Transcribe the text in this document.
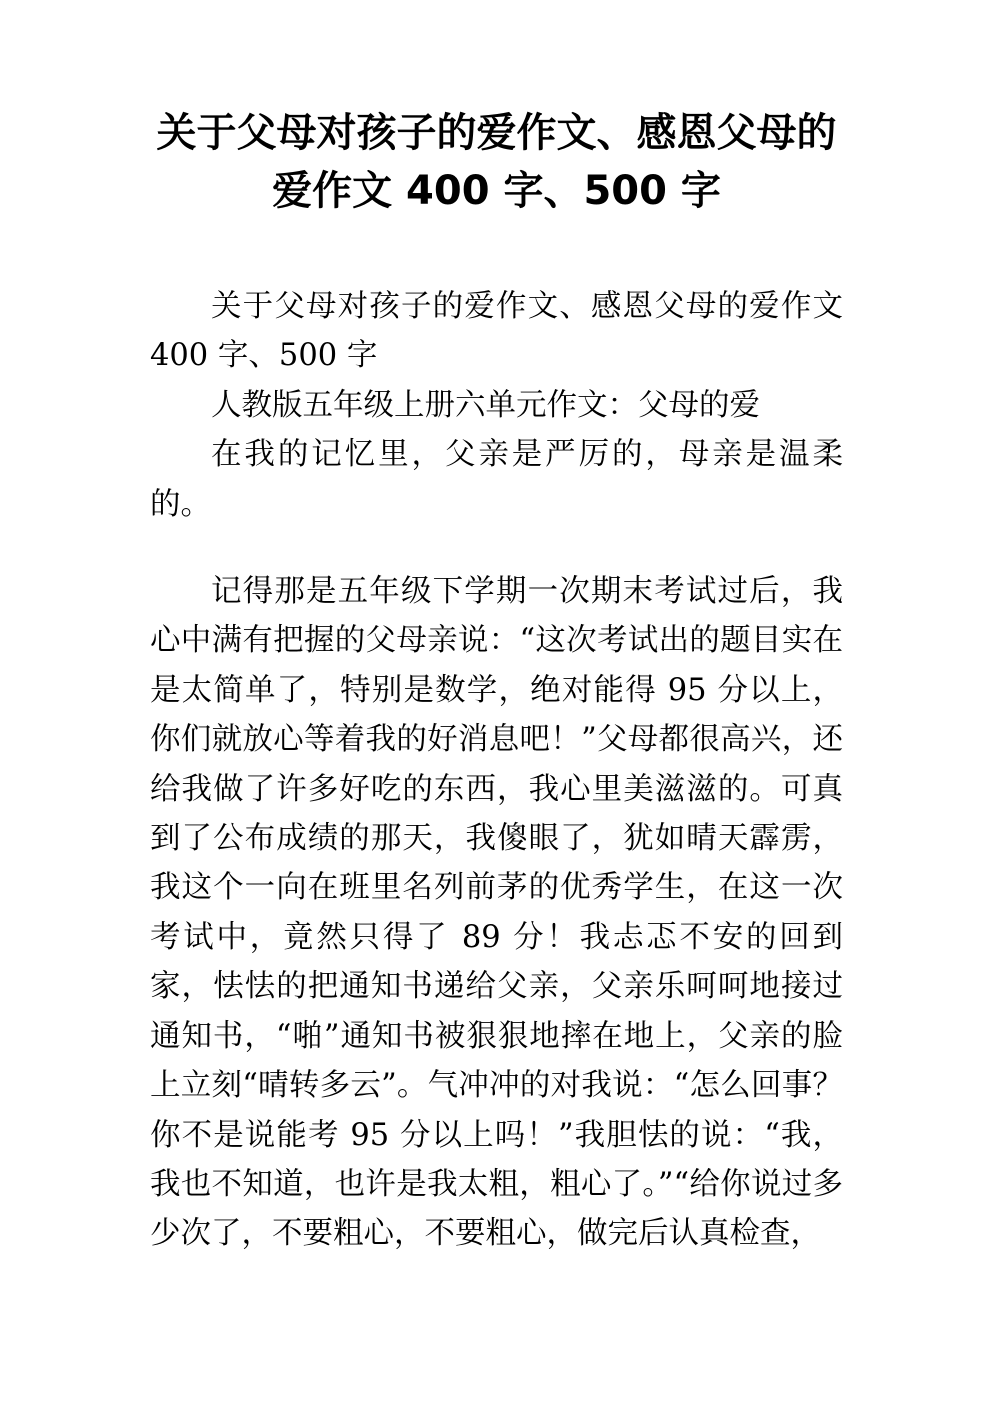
关于父母对孩子的爱作文、感恩父母的爱作文 400 字、500 字

关于父母对孩子的爱作文、感恩父母的爱作文 400 字、500 字

人教版五年级上册六单元作文：父母的爱

在我的记忆里，父亲是严厉的，母亲是温柔的。

记得那是五年级下学期一次期末考试过后，我心中满有把握的父母亲说：“这次考试出的题目实在是太简单了，特别是数学，绝对能得 95 分以上，你们就放心等着我的好消息吧！”父母都很高兴，还给我做了许多好吃的东西，我心里美滋滋的。可真到了公布成绩的那天，我傻眼了，犹如晴天霹雳，我这个一向在班里名列前茅的优秀学生，在这一次考试中，竟然只得了 89 分！我忐忑不安的回到家，怯怯的把通知书递给父亲，父亲乐呵呵地接过通知书，“啪”通知书被狠狠地摔在地上，父亲的脸上立刻“晴转多云”。气冲冲的对我说：“怎么回事？你不是说能考 95 分以上吗！”我胆怯的说：“我，我也不知道，也许是我太粗，粗心了。”“给你说过多少次了，不要粗心，不要粗心，做完后认真检查，
